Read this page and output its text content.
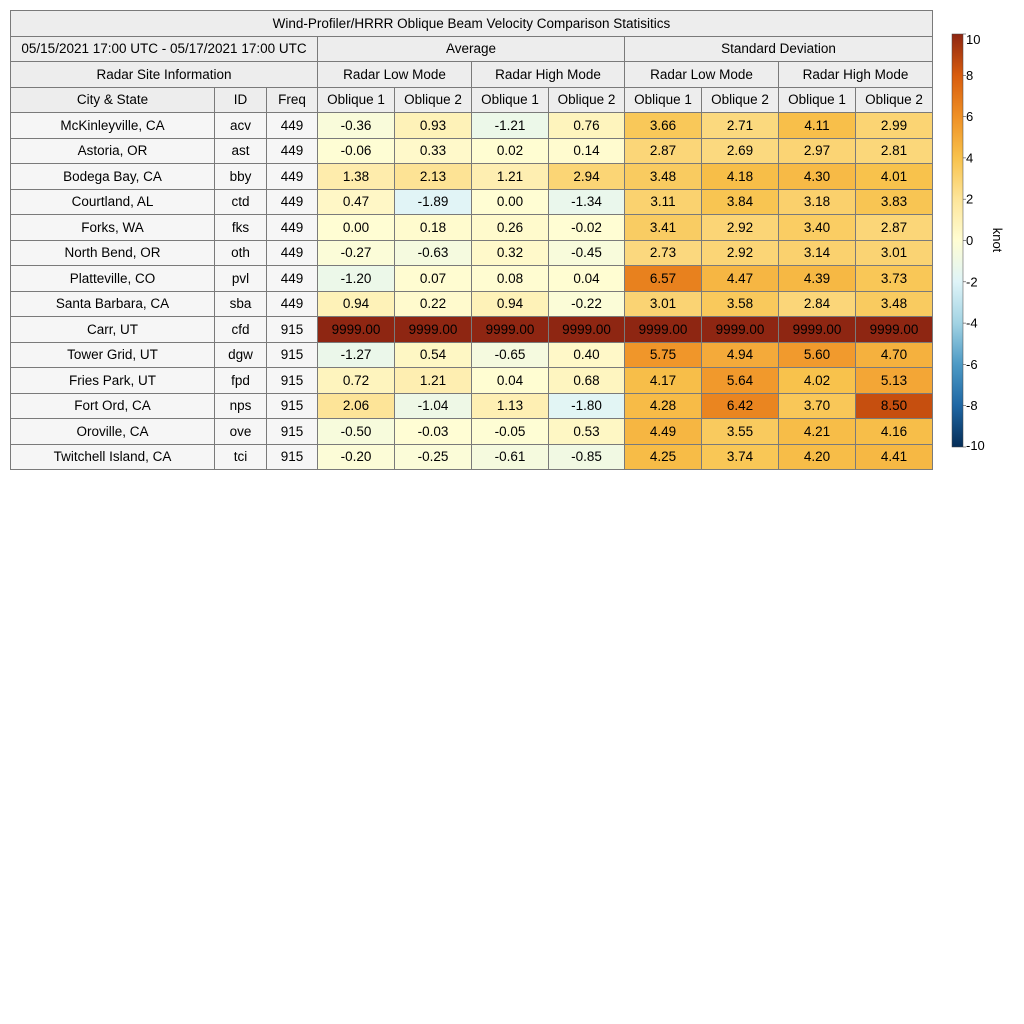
Wind-Profiler/HRRR Oblique Beam Velocity Comparison Statisitics										
05/15/2021 17:00 UTC - 05/17/2021 17:00 UTC			Average				Standard Deviation			
Radar Site Information			Radar Low Mode		Radar High Mode		Radar Low Mode		Radar High Mode	
City & State	ID	Freq	Oblique 1	Oblique 2	Oblique 1	Oblique 2	Oblique 1	Oblique 2	Oblique 1	Oblique 2
McKinleyville, CA	acv	449	-0.36	0.93	-1.21	0.76	3.66	2.71	4.11	2.99
Astoria, OR	ast	449	-0.06	0.33	0.02	0.14	2.87	2.69	2.97	2.81
Bodega Bay, CA	bby	449	1.38	2.13	1.21	2.94	3.48	4.18	4.30	4.01
Courtland, AL	ctd	449	0.47	-1.89	0.00	-1.34	3.11	3.84	3.18	3.83
Forks, WA	fks	449	0.00	0.18	0.26	-0.02	3.41	2.92	3.40	2.87
North Bend, OR	oth	449	-0.27	-0.63	0.32	-0.45	2.73	2.92	3.14	3.01
Platteville, CO	pvl	449	-1.20	0.07	0.08	0.04	6.57	4.47	4.39	3.73
Santa Barbara, CA	sba	449	0.94	0.22	0.94	-0.22	3.01	3.58	2.84	3.48
Carr, UT	cfd	915	9999.00	9999.00	9999.00	9999.00	9999.00	9999.00	9999.00	9999.00
Tower Grid, UT	dgw	915	-1.27	0.54	-0.65	0.40	5.75	4.94	5.60	4.70
Fries Park, UT	fpd	915	0.72	1.21	0.04	0.68	4.17	5.64	4.02	5.13
Fort Ord, CA	nps	915	2.06	-1.04	1.13	-1.80	4.28	6.42	3.70	8.50
Oroville, CA	ove	915	-0.50	-0.03	-0.05	0.53	4.49	3.55	4.21	4.16
Twitchell Island, CA	tci	915	-0.20	-0.25	-0.61	-0.85	4.25	3.74	4.20	4.41
10
8
6
4
2
0
-2
-4
-6
-8
-10
knot
